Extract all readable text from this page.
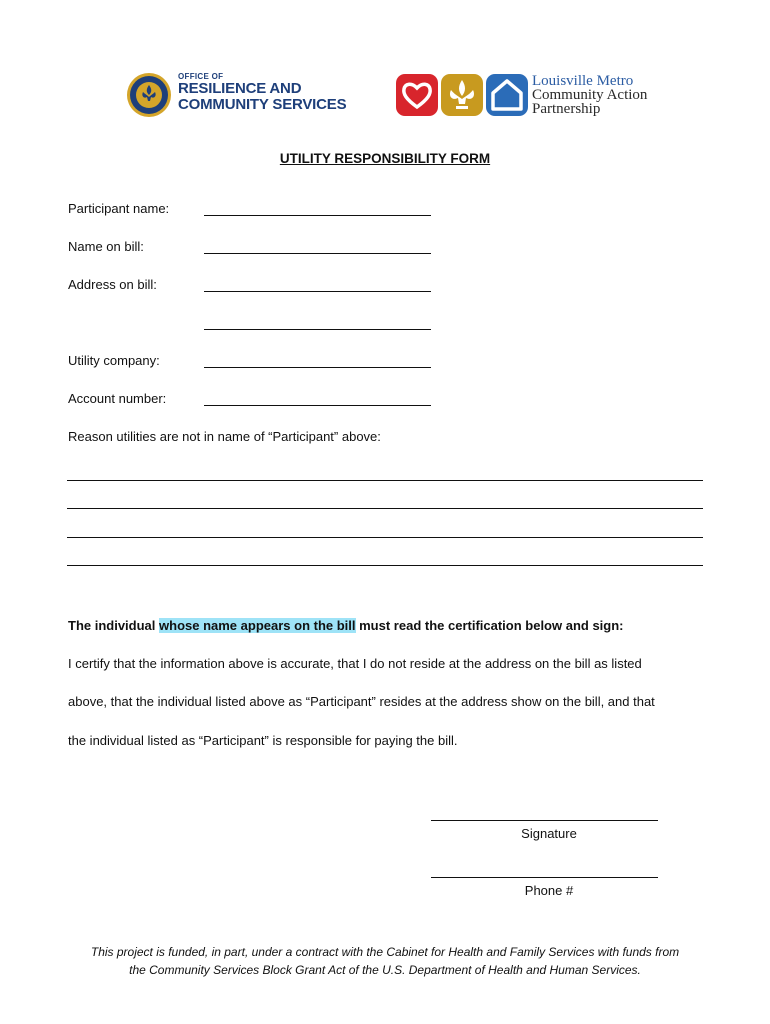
OFFICE OF
RESILIENCE AND
COMMUNITY SERVICES
Louisville Metro
Community Action
Partnership
UTILITY RESPONSIBILITY FORM
Participant name:
Name on bill:
Address on bill:
Utility company:
Account number:
Reason utilities are not in name of “Participant” above:
The individual whose name appears on the bill must read the certification below and sign:
I certify that the information above is accurate, that I do not reside at the address on the bill as listed
above, that the individual listed above as “Participant” resides at the address show on the bill, and that
the individual listed as “Participant” is responsible for paying the bill.
Signature
Phone #
This project is funded, in part, under a contract with the Cabinet for Health and Family Services with funds from
the Community Services Block Grant Act of the U.S. Department of Health and Human Services.
